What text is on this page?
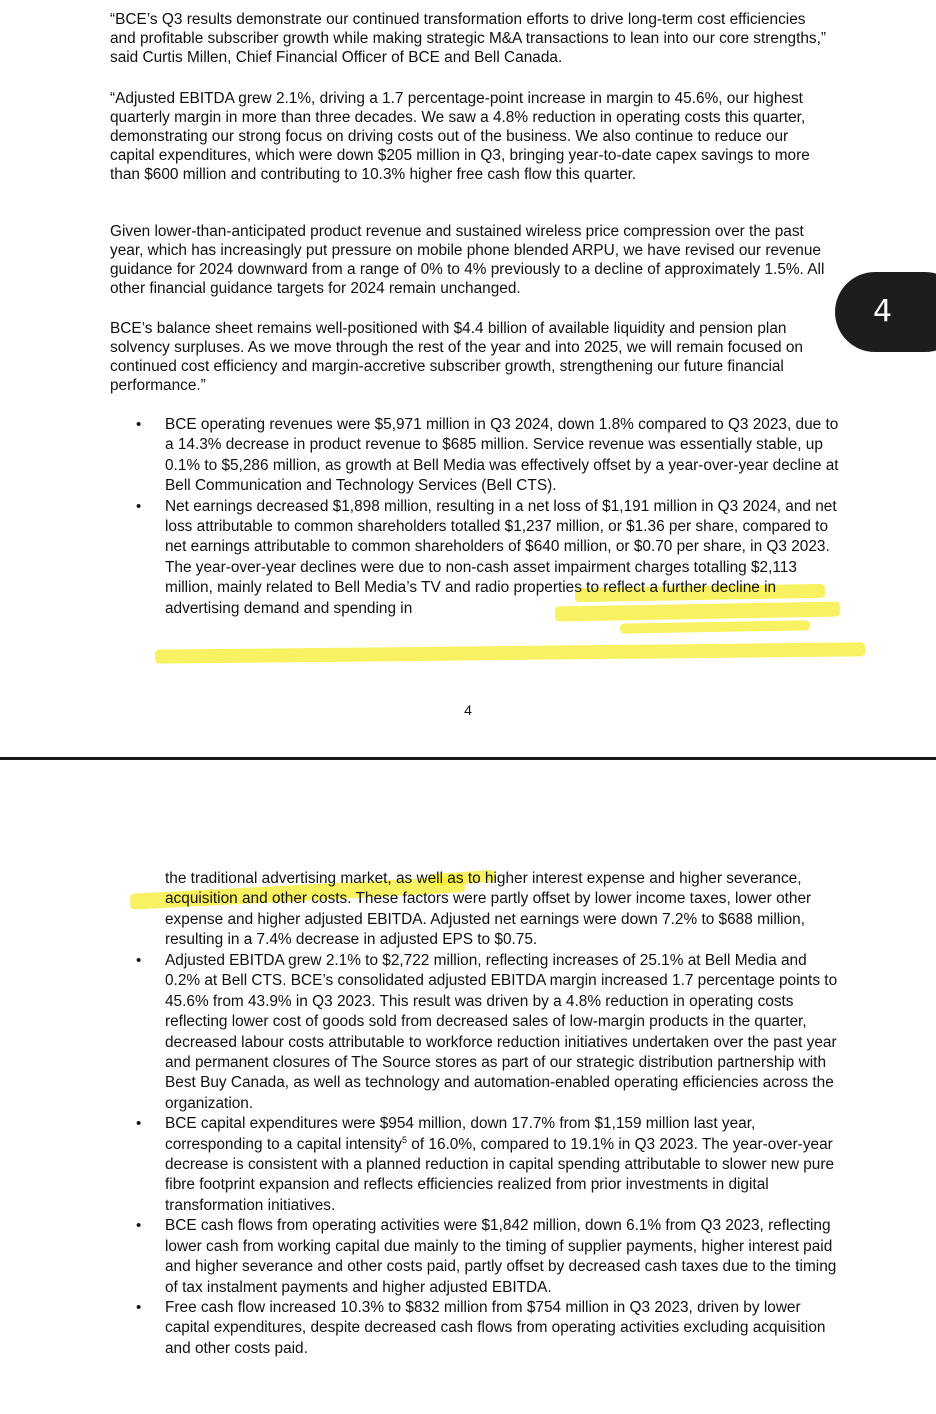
“BCE’s Q3 results demonstrate our continued transformation efforts to drive long-term cost efficiencies and profitable subscriber growth while making strategic M&A transactions to lean into our core strengths,” said Curtis Millen, Chief Financial Officer of BCE and Bell Canada.

“Adjusted EBITDA grew 2.1%, driving a 1.7 percentage-point increase in margin to 45.6%, our highest quarterly margin in more than three decades. We saw a 4.8% reduction in operating costs this quarter, demonstrating our strong focus on driving costs out of the business. We also continue to reduce our capital expenditures, which were down $205 million in Q3, bringing year-to-date capex savings to more than $600 million and contributing to 10.3% higher free cash flow this quarter.

Given lower-than-anticipated product revenue and sustained wireless price compression over the past year, which has increasingly put pressure on mobile phone blended ARPU, we have revised our revenue guidance for 2024 downward from a range of 0% to 4% previously to a decline of approximately 1.5%. All other financial guidance targets for 2024 remain unchanged.

BCE’s balance sheet remains well-positioned with $4.4 billion of available liquidity and pension plan solvency surpluses. As we move through the rest of the year and into 2025, we will remain focused on continued cost efficiency and margin-accretive subscriber growth, strengthening our future financial performance.”

• BCE operating revenues were $5,971 million in Q3 2024, down 1.8% compared to Q3 2023, due to a 14.3% decrease in product revenue to $685 million. Service revenue was essentially stable, up 0.1% to $5,286 million, as growth at Bell Media was effectively offset by a year-over-year decline at Bell Communication and Technology Services (Bell CTS).
• Net earnings decreased $1,898 million, resulting in a net loss of $1,191 million in Q3 2024, and net loss attributable to common shareholders totalled $1,237 million, or $1.36 per share, compared to net earnings attributable to common shareholders of $640 million, or $0.70 per share, in Q3 2023. The year-over-year declines were due to non-cash asset impairment charges totalling $2,113 million, mainly related to Bell Media’s TV and radio properties to reflect a further decline in advertising demand and spending in
4
4

the traditional advertising market, as well as to higher interest expense and higher severance, acquisition and other costs. These factors were partly offset by lower income taxes, lower other expense and higher adjusted EBITDA. Adjusted net earnings were down 7.2% to $688 million, resulting in a 7.4% decrease in adjusted EPS to $0.75.

• Adjusted EBITDA grew 2.1% to $2,722 million, reflecting increases of 25.1% at Bell Media and 0.2% at Bell CTS. BCE’s consolidated adjusted EBITDA margin increased 1.7 percentage points to 45.6% from 43.9% in Q3 2023. This result was driven by a 4.8% reduction in operating costs reflecting lower cost of goods sold from decreased sales of low-margin products in the quarter, decreased labour costs attributable to workforce reduction initiatives undertaken over the past year and permanent closures of The Source stores as part of our strategic distribution partnership with Best Buy Canada, as well as technology and automation-enabled operating efficiencies across the organization.
• BCE capital expenditures were $954 million, down 17.7% from $1,159 million last year, corresponding to a capital intensity$^5$ of 16.0%, compared to 19.1% in Q3 2023. The year-over-year decrease is consistent with a planned reduction in capital spending attributable to slower new pure fibre footprint expansion and reflects efficiencies realized from prior investments in digital transformation initiatives.
• BCE cash flows from operating activities were $1,842 million, down 6.1% from Q3 2023, reflecting lower cash from working capital due mainly to the timing of supplier payments, higher interest paid and higher severance and other costs paid, partly offset by decreased cash taxes due to the timing of tax instalment payments and higher adjusted EBITDA.
• Free cash flow increased 10.3% to $832 million from $754 million in Q3 2023, driven by lower capital expenditures, despite decreased cash flows from operating activities excluding acquisition and other costs paid.
